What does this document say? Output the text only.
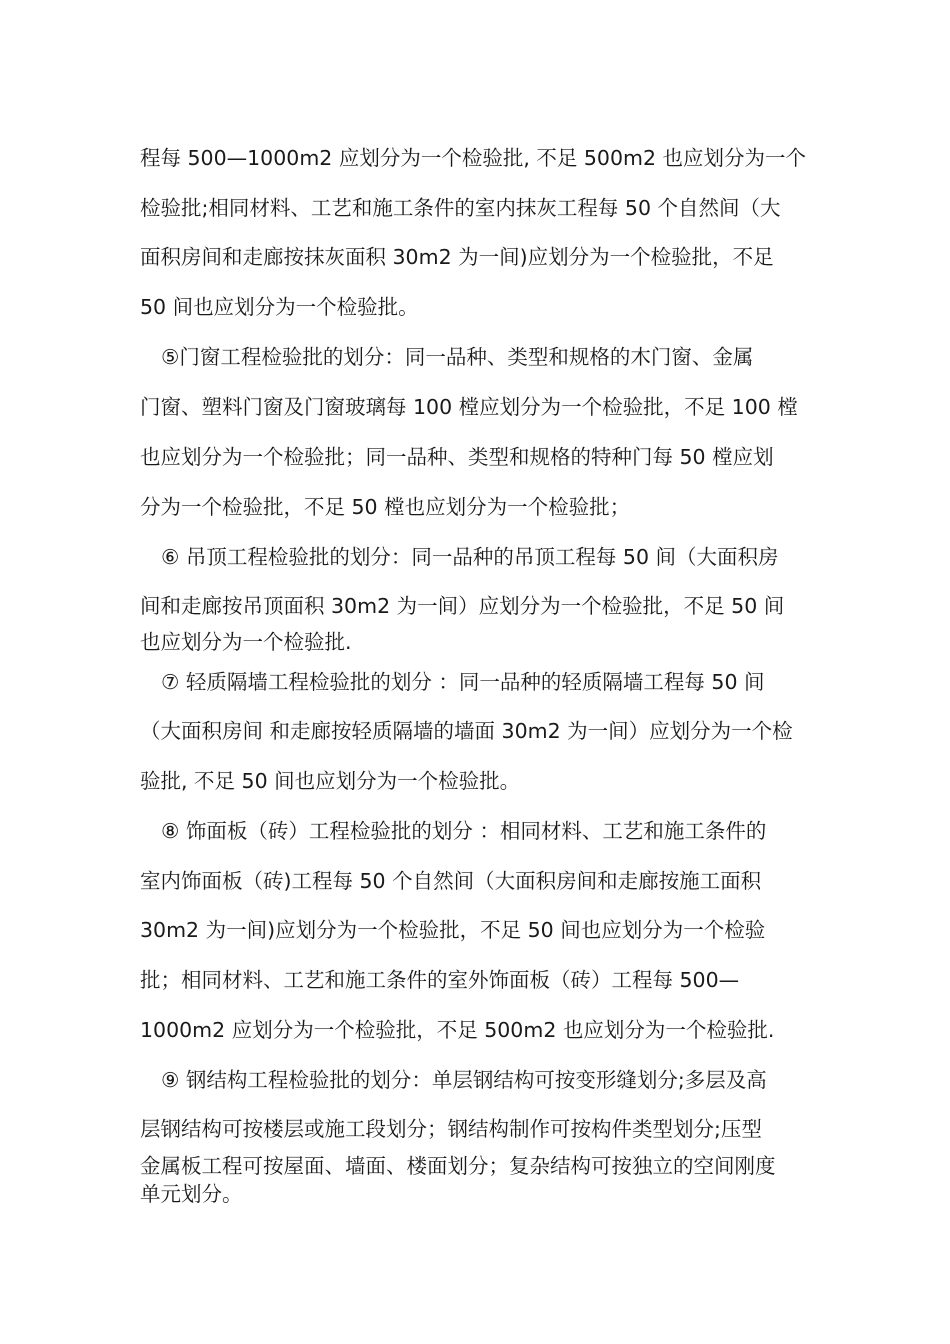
程每 500—1000m2 应划分为一个检验批, 不足 500m2 也应划分为一个
检验批;相同材料、工艺和施工条件的室内抹灰工程每 50 个自然间（大
面积房间和走廊按抹灰面积 30m2 为一间)应划分为一个检验批，不足
50 间也应划分为一个检验批。
⑤门窗工程检验批的划分：同一品种、类型和规格的木门窗、金属
门窗、塑料门窗及门窗玻璃每 100 樘应划分为一个检验批，不足 100 樘
也应划分为一个检验批；同一品种、类型和规格的特种门每 50 樘应划
分为一个检验批，不足 50 樘也应划分为一个检验批；
⑥ 吊顶工程检验批的划分：同一品种的吊顶工程每 50 间（大面积房
间和走廊按吊顶面积 30m2 为一间）应划分为一个检验批，不足 50 间
也应划分为一个检验批.
⑦ 轻质隔墙工程检验批的划分 ：同一品种的轻质隔墙工程每 50 间
（大面积房间 和走廊按轻质隔墙的墙面 30m2 为一间）应划分为一个检
验批, 不足 50 间也应划分为一个检验批。
⑧ 饰面板（砖）工程检验批的划分 ：相同材料、工艺和施工条件的
室内饰面板（砖)工程每 50 个自然间（大面积房间和走廊按施工面积
30m2 为一间)应划分为一个检验批，不足 50 间也应划分为一个检验
批；相同材料、工艺和施工条件的室外饰面板（砖）工程每 500—
1000m2 应划分为一个检验批，不足 500m2 也应划分为一个检验批.
⑨ 钢结构工程检验批的划分：单层钢结构可按变形缝划分;多层及高
层钢结构可按楼层或施工段划分；钢结构制作可按构件类型划分;压型
金属板工程可按屋面、墙面、楼面划分；复杂结构可按独立的空间刚度
单元划分。
